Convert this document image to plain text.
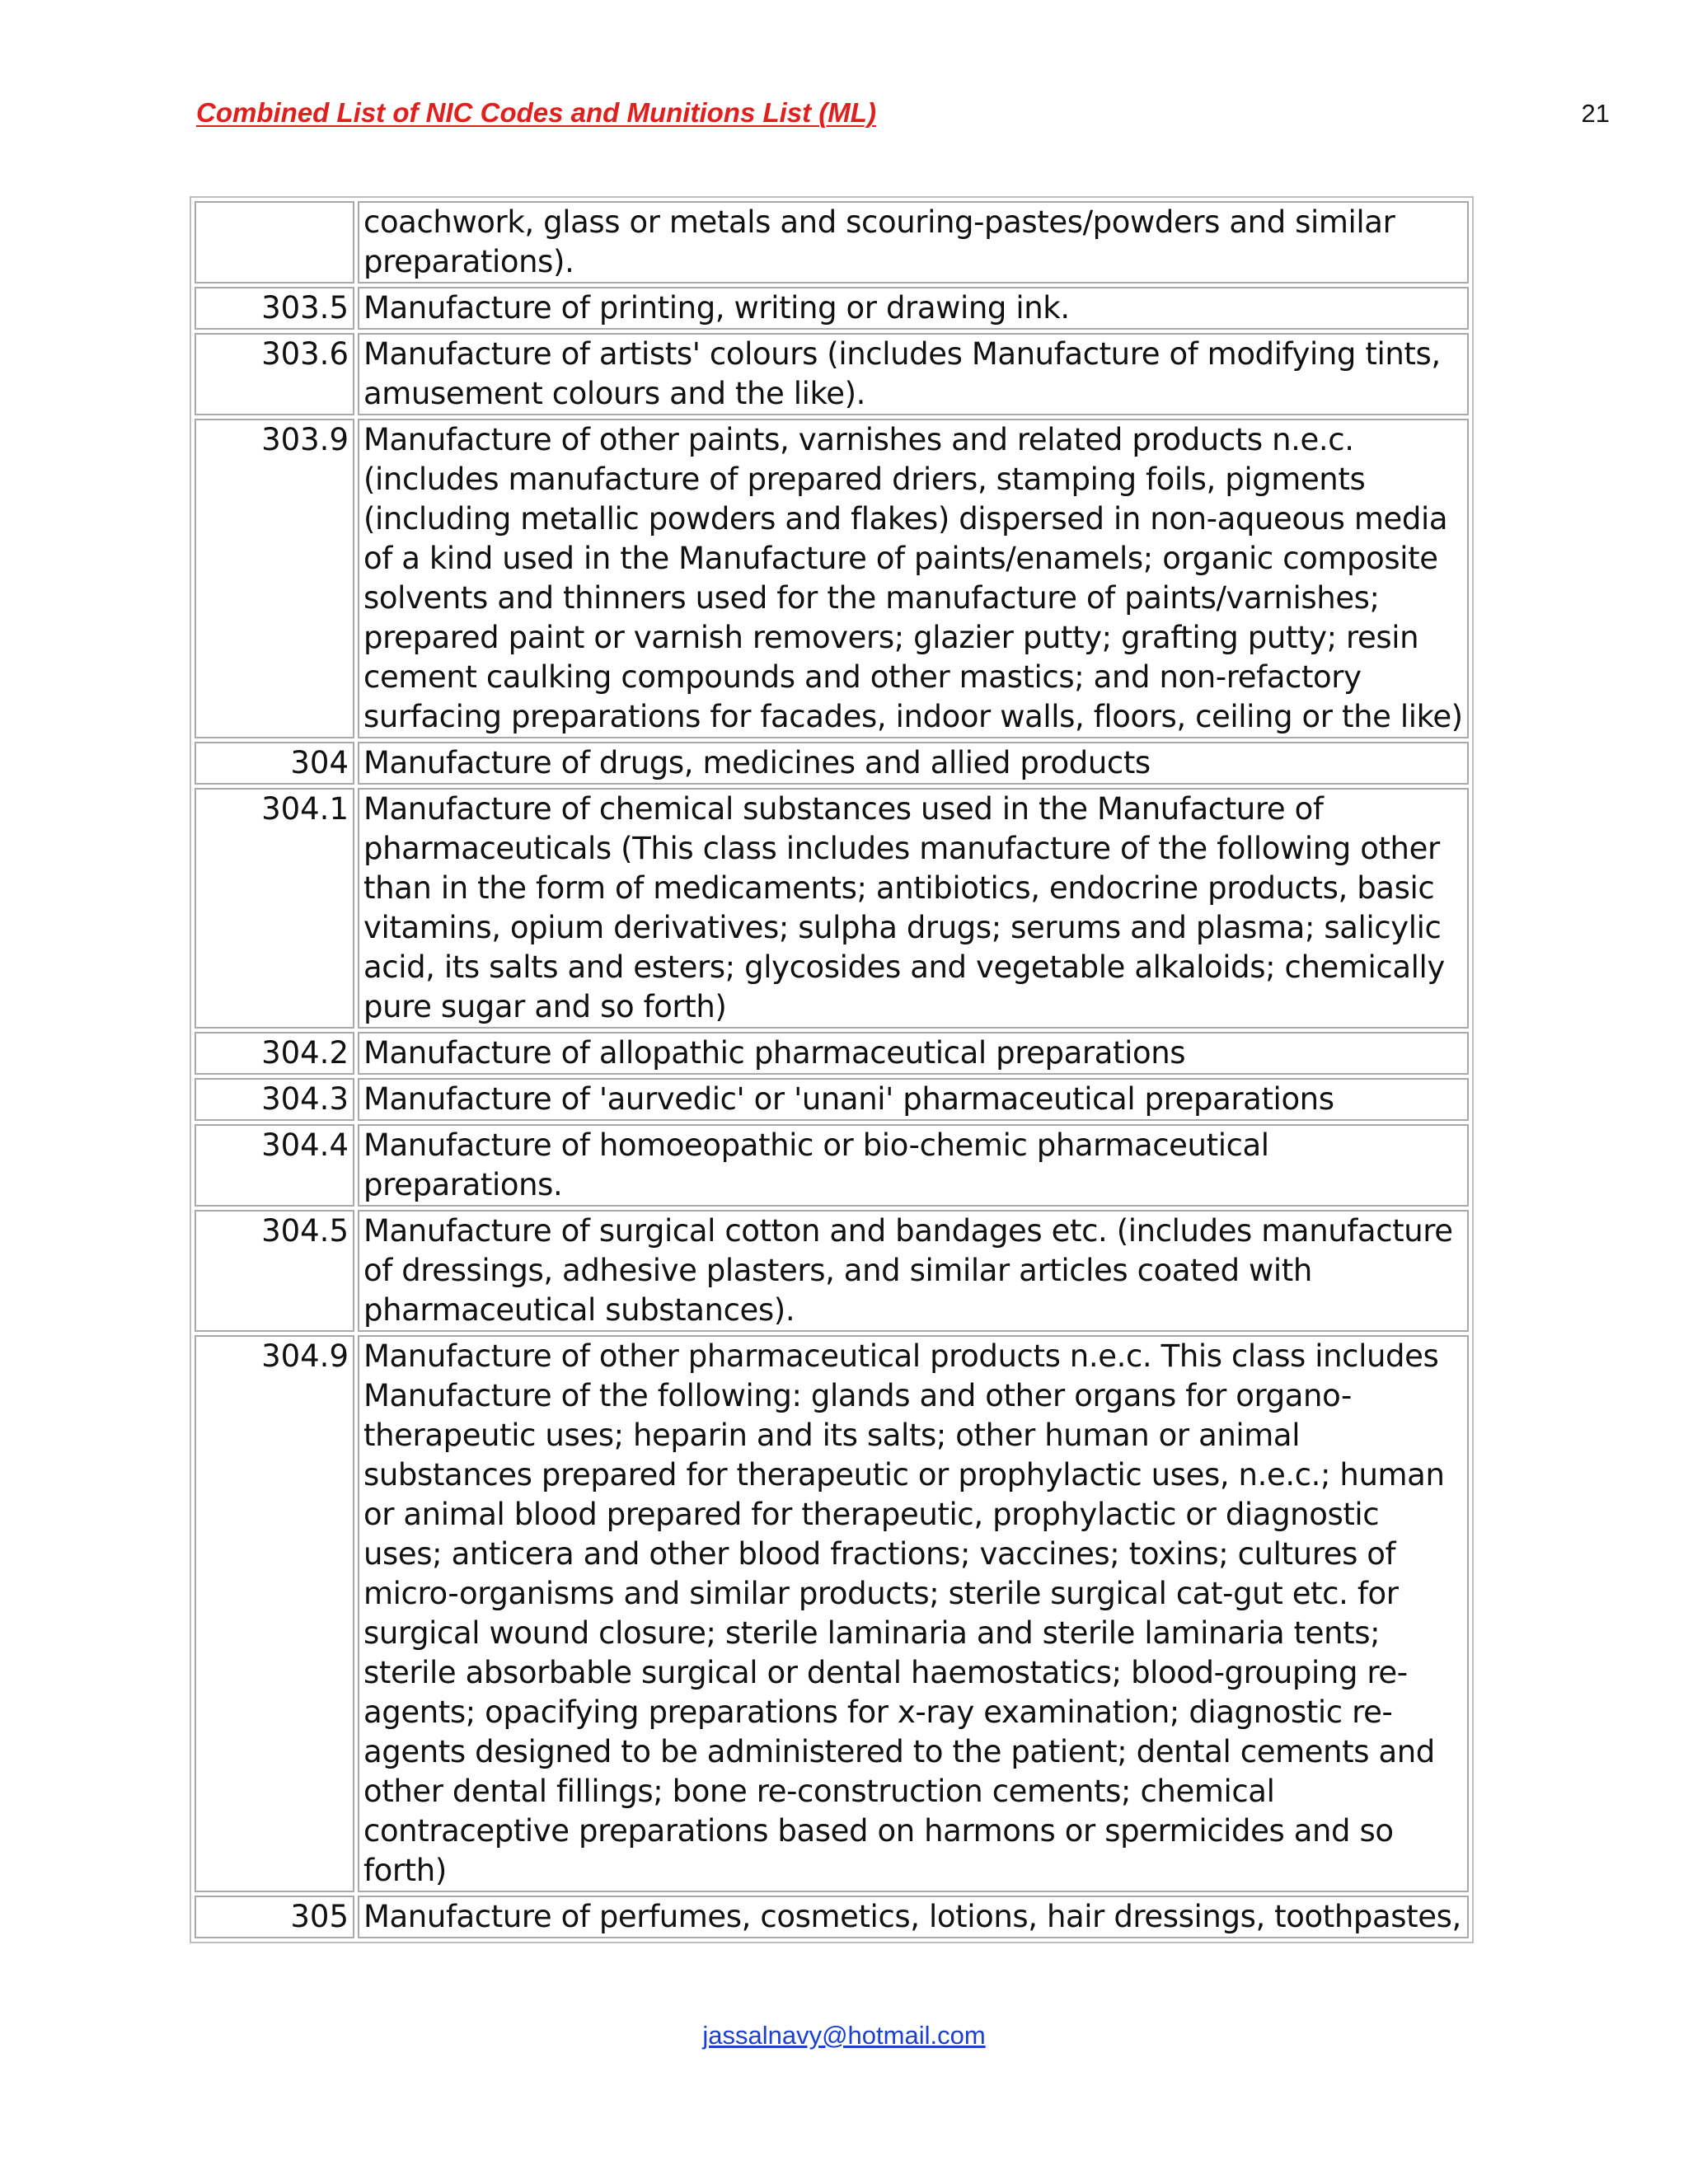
Combined List of NIC Codes and Munitions List (ML)	21
	coachwork, glass or metals and scouring-pastes/powders and similar preparations).
303.5	Manufacture of printing, writing or drawing ink.
303.6	Manufacture of artists' colours (includes Manufacture of modifying tints, amusement colours and the like).
303.9	Manufacture of other paints, varnishes and related products n.e.c. (includes manufacture of prepared driers, stamping foils, pigments (including metallic powders and flakes) dispersed in non-aqueous media of a kind used in the Manufacture of paints/enamels; organic composite solvents and thinners used for the manufacture of paints/varnishes; prepared paint or varnish removers; glazier putty; grafting putty; resin cement caulking compounds and other mastics; and non-refactory surfacing preparations for facades, indoor walls, floors, ceiling or the like)
304	Manufacture of drugs, medicines and allied products
304.1	Manufacture of chemical substances used in the Manufacture of pharmaceuticals (This class includes manufacture of the following other than in the form of medicaments; antibiotics, endocrine products, basic vitamins, opium derivatives; sulpha drugs; serums and plasma; salicylic acid, its salts and esters; glycosides and vegetable alkaloids; chemically pure sugar and so forth)
304.2	Manufacture of allopathic pharmaceutical preparations
304.3	Manufacture of 'aurvedic' or 'unani' pharmaceutical preparations
304.4	Manufacture of homoeopathic or bio-chemic pharmaceutical preparations.
304.5	Manufacture of surgical cotton and bandages etc. (includes manufacture of dressings, adhesive plasters, and similar articles coated with pharmaceutical substances).
304.9	Manufacture of other pharmaceutical products n.e.c. This class includes Manufacture of the following: glands and other organs for organo-therapeutic uses; heparin and its salts; other human or animal substances prepared for therapeutic or prophylactic uses, n.e.c.; human or animal blood prepared for therapeutic, prophylactic or diagnostic uses; anticera and other blood fractions; vaccines; toxins; cultures of micro-organisms and similar products; sterile surgical cat-gut etc. for surgical wound closure; sterile laminaria and sterile laminaria tents; sterile absorbable surgical or dental haemostatics; blood-grouping re-agents; opacifying preparations for x-ray examination; diagnostic re-agents designed to be administered to the patient; dental cements and other dental fillings; bone re-construction cements; chemical contraceptive preparations based on harmons or spermicides and so forth)
305	Manufacture of perfumes, cosmetics, lotions, hair dressings, toothpastes,
jassalnavy@hotmail.com
